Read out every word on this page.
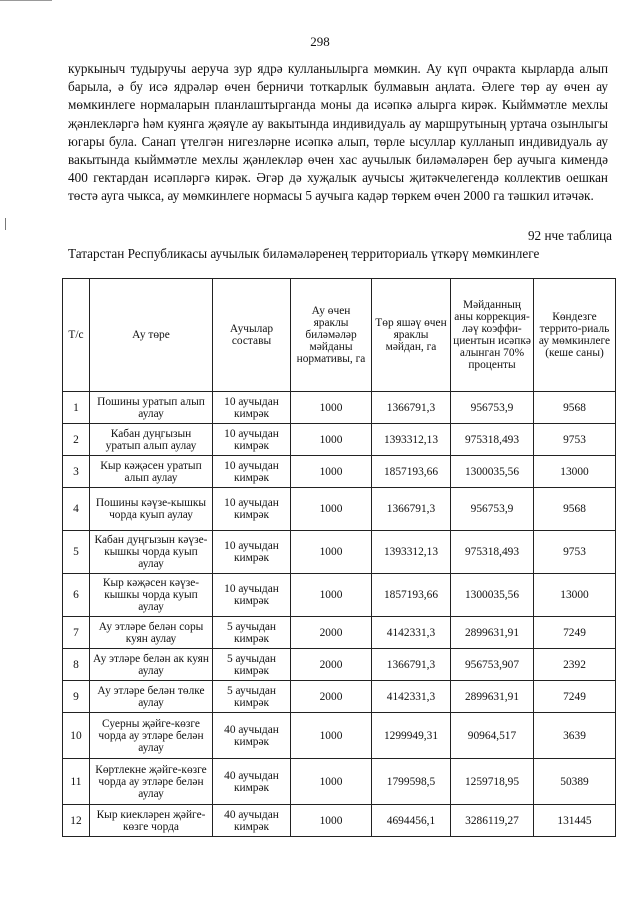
298

куркыныч тудыручы аеруча зур ядрә кулланылырга мөмкин. Ау күп очракта кырларда алып барыла, ә бу исә ядрәләр өчен берничи тоткарлык булмавын аңлата. Әлеге төр ау өчен ау мөмкинлеге нормаларын планлаштырганда моны да исәпкә алырга кирәк. Кыйммәтле мехлы җәнлекләргә һәм куянга җәяүле ау вакытында индивидуаль ау маршрутының уртача озынлыгы югары була. Санап үтелгән нигезләрне исәпкә алып, төрле ысуллар кулланып индивидуаль ау вакытында кыйммәтле мехлы җәнлекләр өчен хас аучылык биләмәләрен бер аучыга кимендә 400 гектардан исәпләргә кирәк. Әгәр дә хуҗалык аучысы җитәкчелегендә коллектив оешкан төстә ауга чыкса, ау мөмкинлеге нормасы 5 аучыга кадәр төркем өчен 2000 га тәшкил итәчәк.

92 нче таблица
Татарстан Республикасы аучылык биләмәләренең территориаль үткәрү мөмкинлеге
Т/с	Ау төре	Аучылар составы	Ау өчен яраклы биләмәләр мәйданы нормативы, га	Төр яшәү өчен яраклы мәйдан, га	Мәйданның аны коррекция-ләү коэффи-циентын исәпкә алынган 70% проценты	Көндезге террито-риаль ау мөмкинлеге (кеше саны)
1	Пошины уратып алып аулау	10 аучыдан кимрәк	1000	1366791,3	956753,9	9568
2	Кабан дуңгызын уратып алып аулау	10 аучыдан кимрәк	1000	1393312,13	975318,493	9753
3	Кыр кәҗәсен уратып алып аулау	10 аучыдан кимрәк	1000	1857193,66	1300035,56	13000
4	Пошины кәүзе-кышкы чорда куып аулау	10 аучыдан кимрәк	1000	1366791,3	956753,9	9568
5	Кабан дуңгызын кәүзе-кышкы чорда куып аулау	10 аучыдан кимрәк	1000	1393312,13	975318,493	9753
6	Кыр кәҗәсен кәүзе-кышкы чорда куып аулау	10 аучыдан кимрәк	1000	1857193,66	1300035,56	13000
7	Ау этләре белән соры куян аулау	5 аучыдан кимрәк	2000	4142331,3	2899631,91	7249
8	Ау этләре белән ак куян аулау	5 аучыдан кимрәк	2000	1366791,3	956753,907	2392
9	Ау этләре белән төлке аулау	5 аучыдан кимрәк	2000	4142331,3	2899631,91	7249
10	Суерны җәйге-көзге чорда ау этләре белән аулау	40 аучыдан кимрәк	1000	1299949,31	90964,517	3639
11	Көртлекне җәйге-көзге чорда ау этләре белән аулау	40 аучыдан кимрәк	1000	1799598,5	1259718,95	50389
12	Кыр киекләрен җәйге-көзге чорда	40 аучыдан кимрәк	1000	4694456,1	3286119,27	131445
